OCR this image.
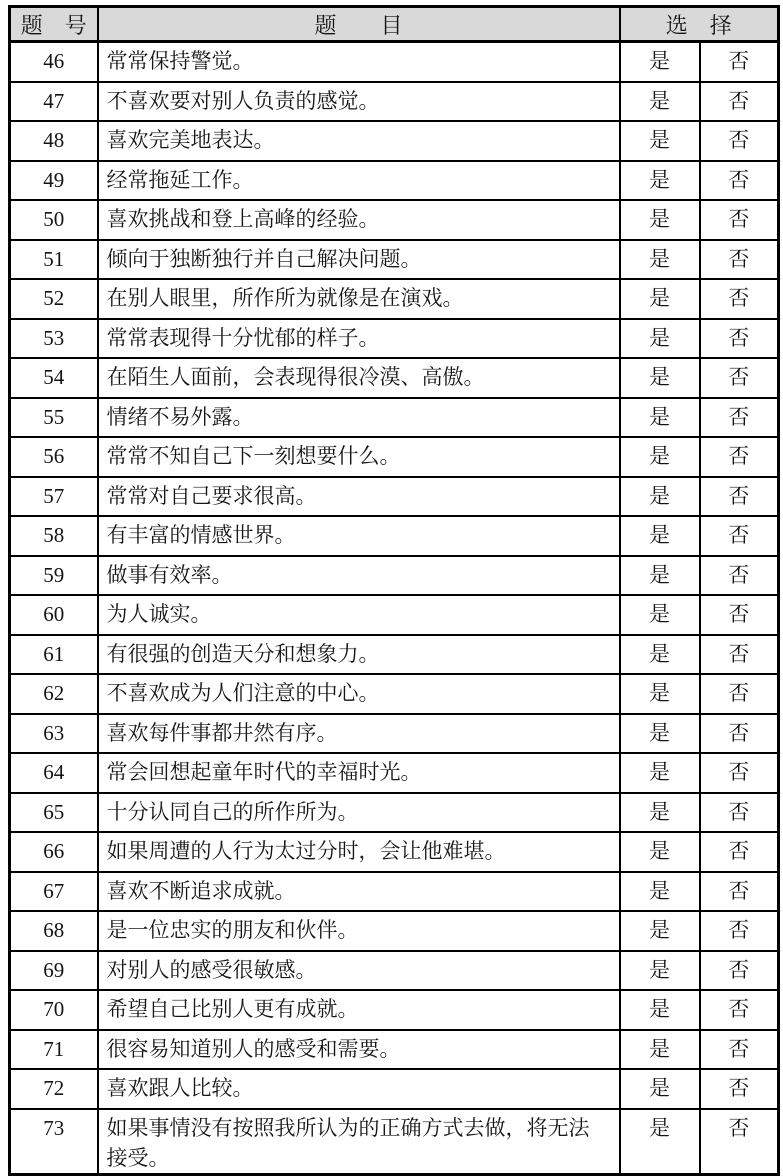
题　号	题　　目	选　择	
46	常常保持警觉。	是	否
47	不喜欢要对别人负责的感觉。	是	否
48	喜欢完美地表达。	是	否
49	经常拖延工作。	是	否
50	喜欢挑战和登上高峰的经验。	是	否
51	倾向于独断独行并自己解决问题。	是	否
52	在别人眼里，所作所为就像是在演戏。	是	否
53	常常表现得十分忧郁的样子。	是	否
54	在陌生人面前，会表现得很冷漠、高傲。	是	否
55	情绪不易外露。	是	否
56	常常不知自己下一刻想要什么。	是	否
57	常常对自己要求很高。	是	否
58	有丰富的情感世界。	是	否
59	做事有效率。	是	否
60	为人诚实。	是	否
61	有很强的创造天分和想象力。	是	否
62	不喜欢成为人们注意的中心。	是	否
63	喜欢每件事都井然有序。	是	否
64	常会回想起童年时代的幸福时光。	是	否
65	十分认同自己的所作所为。	是	否
66	如果周遭的人行为太过分时，会让他难堪。	是	否
67	喜欢不断追求成就。	是	否
68	是一位忠实的朋友和伙伴。	是	否
69	对别人的感受很敏感。	是	否
70	希望自己比别人更有成就。	是	否
71	很容易知道别人的感受和需要。	是	否
72	喜欢跟人比较。	是	否
73	如果事情没有按照我所认为的正确方式去做，将无法接受。	是	否
